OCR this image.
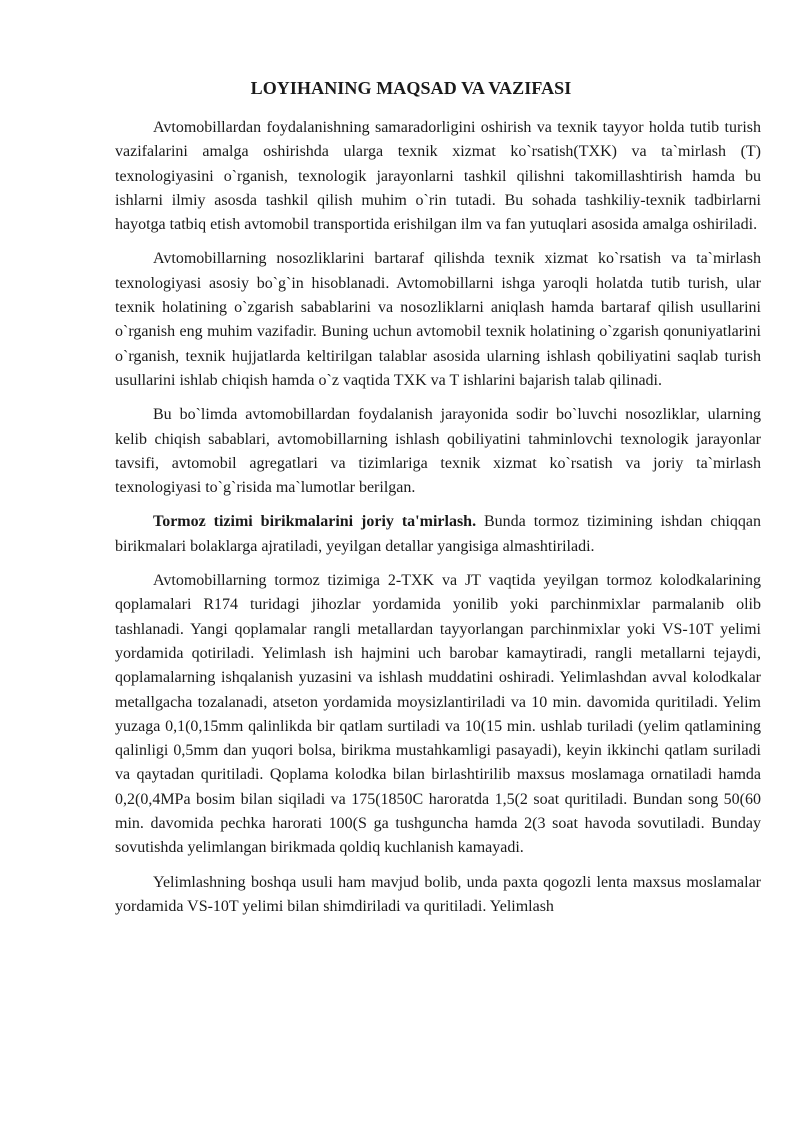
LOYIHANING MAQSAD VA VAZIFASI

Avtomobillardan foydalanishning samaradorligini oshirish va texnik tayyor holda tutib turish vazifalarini amalga oshirishda ularga texnik xizmat ko`rsatish(TXK) va ta`mirlash (T) texnologiyasini o`rganish, texnologik jarayonlarni tashkil qilishni takomillashtirish hamda bu ishlarni ilmiy asosda tashkil qilish muhim o`rin tutadi. Bu sohada tashkiliy-texnik tadbirlarni hayotga tatbiq etish avtomobil transportida erishilgan ilm va fan yutuqlari asosida amalga oshiriladi.

Avtomobillarning nosozliklarini bartaraf qilishda texnik xizmat ko`rsatish va ta`mirlash texnologiyasi asosiy bo`g`in hisoblanadi. Avtomobillarni ishga yaroqli holatda tutib turish, ular texnik holatining o`zgarish sabablarini va nosozliklarni aniqlash hamda bartaraf qilish usullarini o`rganish eng muhim vazifadir. Buning uchun avtomobil texnik holatining o`zgarish qonuniyatlarini o`rganish, texnik hujjatlarda keltirilgan talablar asosida ularning ishlash qobiliyatini saqlab turish usullarini ishlab chiqish hamda o`z vaqtida TXK va T ishlarini bajarish talab qilinadi.

Bu bo`limda avtomobillardan foydalanish jarayonida sodir bo`luvchi nosozliklar, ularning kelib chiqish sabablari, avtomobillarning ishlash qobiliyatini tahminlovchi texnologik jarayonlar tavsifi, avtomobil agregatlari va tizimlariga texnik xizmat ko`rsatish va joriy ta`mirlash texnologiyasi to`g`risida ma`lumotlar berilgan.

Tormoz tizimi birikmalarini joriy ta'mirlash. Bunda tormoz tizimining ishdan chiqqan birikmalari bolaklarga ajratiladi, yeyilgan detallar yangisiga almashtiriladi.

Avtomobillarning tormoz tizimiga 2-TXK va JT vaqtida yeyilgan tormoz kolodkalarining qoplamalari R174 turidagi jihozlar yordamida yonilib yoki parchinmixlar parmalanib olib tashlanadi. Yangi qoplamalar rangli metallardan tayyorlangan parchinmixlar yoki VS-10T yelimi yordamida qotiriladi. Yelimlash ish hajmini uch barobar kamaytiradi, rangli metallarni tejaydi, qoplamalarning ishqalanish yuzasini va ishlash muddatini oshiradi. Yelimlashdan avval kolodkalar metallgacha tozalanadi, atseton yordamida moysizlantiriladi va 10 min. davomida quritiladi. Yelim yuzaga 0,1(0,15mm qalinlikda bir qatlam surtiladi va 10(15 min. ushlab turiladi (yelim qatlamining qalinligi 0,5mm dan yuqori bolsa, birikma mustahkamligi pasayadi), keyin ikkinchi qatlam suriladi va qaytadan quritiladi. Qoplama kolodka bilan birlashtirilib maxsus moslamaga ornatiladi hamda 0,2(0,4MPa bosim bilan siqiladi va 175(1850C haroratda 1,5(2 soat quritiladi. Bundan song 50(60 min. davomida pechka harorati 100(S ga tushguncha hamda 2(3 soat havoda sovutiladi. Bunday sovutishda yelimlangan birikmada qoldiq kuchlanish kamayadi.

Yelimlashning boshqa usuli ham mavjud bolib, unda paxta qogozli lenta maxsus moslamalar yordamida VS-10T yelimi bilan shimdiriladi va quritiladi. Yelimlash
